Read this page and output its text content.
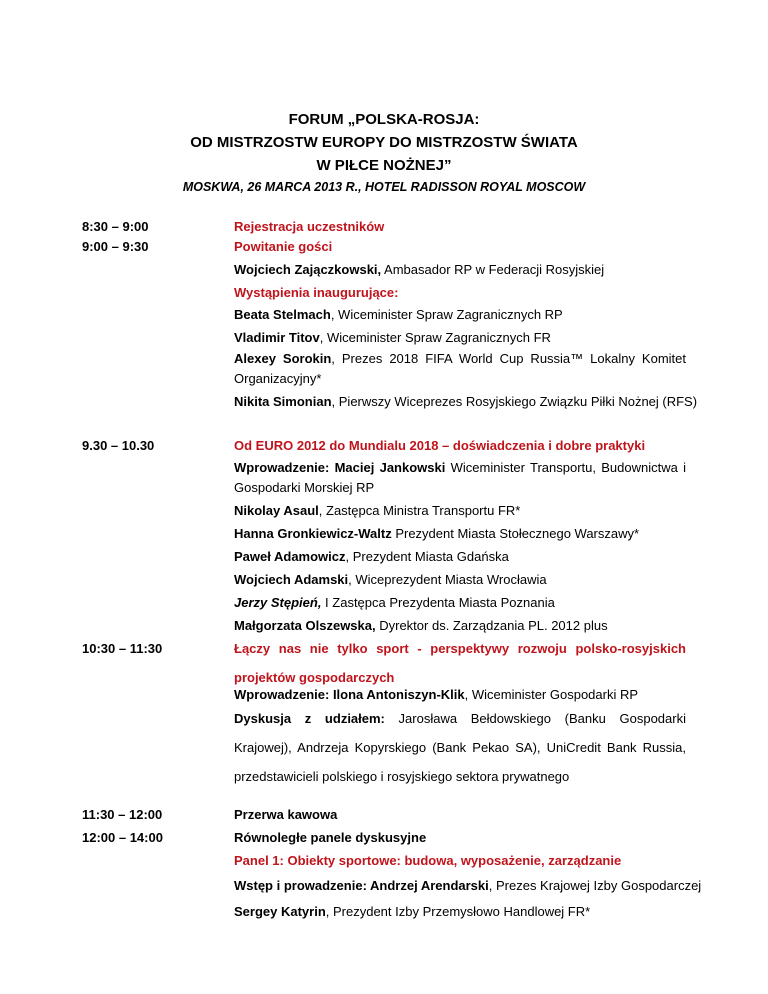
FORUM „POLSKA-ROSJA:
OD MISTRZOSTW EUROPY DO MISTRZOSTW ŚWIATA
W PIŁCE NOŻNEJ”
MOSKWA, 26 MARCA 2013 R., HOTEL RADISSON ROYAL MOSCOW
8:30 – 9:00	Rejestracja uczestników
9:00 – 9:30	Powitanie gości
Wojciech Zajączkowski, Ambasador RP w Federacji Rosyjskiej
Wystąpienia inaugurujące:
Beata Stelmach, Wiceminister Spraw Zagranicznych RP
Vladimir Titov, Wiceminister Spraw Zagranicznych FR
Alexey Sorokin, Prezes 2018 FIFA World Cup Russia™ Lokalny Komitet Organizacyjny*
Nikita Simonian, Pierwszy Wiceprezes Rosyjskiego Związku Piłki Nożnej (RFS)
9.30 – 10.30	Od EURO 2012 do Mundialu 2018 – doświadczenia i dobre praktyki
Wprowadzenie: Maciej Jankowski Wiceminister Transportu, Budownictwa i Gospodarki Morskiej RP
Nikolay Asaul, Zastępca Ministra Transportu FR*
Hanna Gronkiewicz-Waltz Prezydent Miasta Stołecznego Warszawy*
Paweł Adamowicz, Prezydent Miasta Gdańska
Wojciech Adamski, Wiceprezydent Miasta Wrocławia
Jerzy Stępień, I Zastępca Prezydenta Miasta Poznania
Małgorzata Olszewska, Dyrektor ds. Zarządzania PL. 2012 plus
10:30 – 11:30	Łączy nas nie tylko sport - perspektywy rozwoju polsko-rosyjskich projektów gospodarczych
Wprowadzenie: Ilona Antoniszyn-Klik, Wiceminister Gospodarki RP
Dyskusja z udziałem: Jarosława Bełdowskiego (Banku Gospodarki Krajowej), Andrzeja Kopyrskiego (Bank Pekao SA), UniCredit Bank Russia, przedstawicieli polskiego i rosyjskiego sektora prywatnego
11:30 – 12:00	Przerwa kawowa
12:00 – 14:00	Równoległe panele dyskusyjne
Panel 1: Obiekty sportowe: budowa, wyposażenie, zarządzanie
Wstęp i prowadzenie: Andrzej Arendarski, Prezes Krajowej Izby Gospodarczej
Sergey Katyrin, Prezydent Izby Przemysłowo Handlowej FR*
